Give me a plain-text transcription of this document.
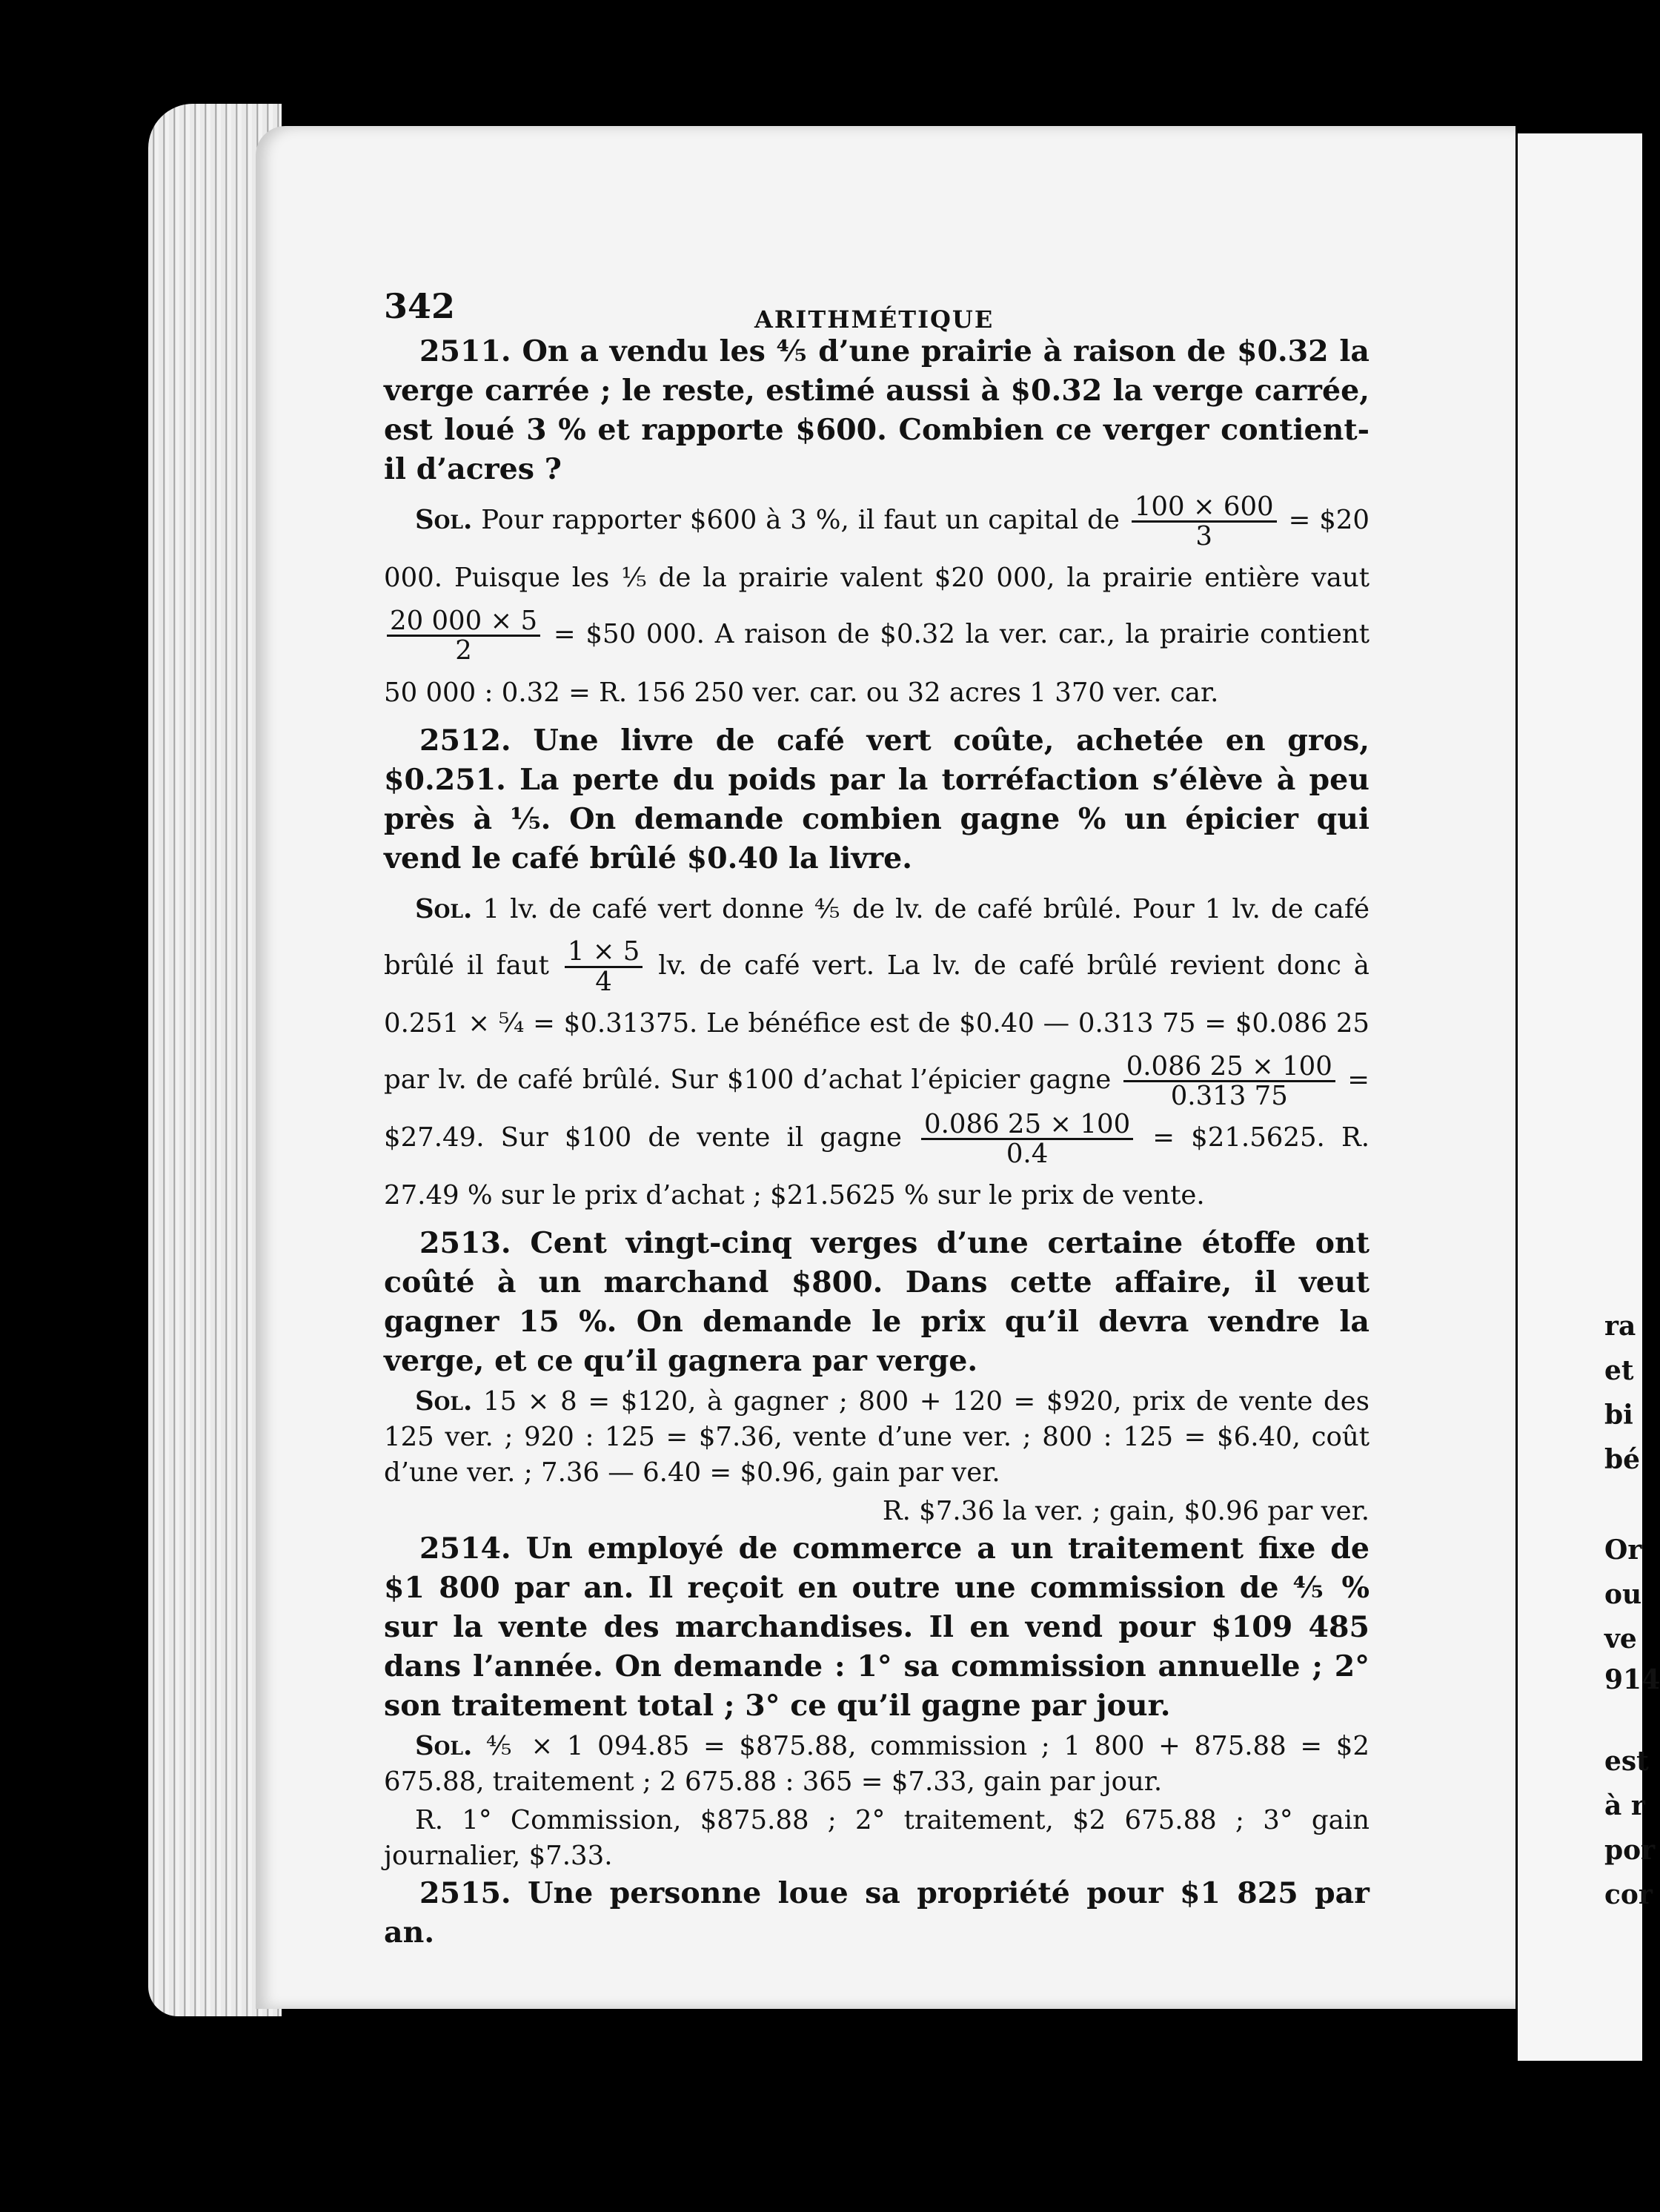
ra
et
bi
bé
Or
ou
ve
914
est
à r
por
cor
342	ARITHMÉTIQUE

2511. On a vendu les ⅘ d’une prairie à raison de $0.32 la verge carrée ; le reste, estimé aussi à $0.32 la verge carrée, est loué 3 % et rapporte $600. Combien ce verger contient-il d’acres ?

Sol. Pour rapporter $600 à 3 %, il faut un capital de $\frac{100 \times 600}{3}$ = $20 000. Puisque les ⅕ de la prairie valent $20 000, la prairie entière vaut
$\frac{20 000 \times 5}{2}$ = $50 000. A raison de $0.32 la ver. car., la prairie contient 50 000 : 0.32 = R. 156 250 ver. car. ou 32 acres 1 370 ver. car.

2512. Une livre de café vert coûte, achetée en gros, $0.251. La perte du poids par la torréfaction s’élève à peu près à ⅕. On demande combien gagne % un épicier qui vend le café brûlé $0.40 la livre.

Sol. 1 lv. de café vert donne ⅘ de lv. de café brûlé. Pour 1 lv. de café brûlé il faut $\frac{1 \times 5}{4}$ lv. de café vert. La lv. de café brûlé revient donc à 0.251 × ⁵⁄₄ = $0.31375. Le bénéfice est de $0.40 — 0.313 75 = $0.086 25 par lv. de café brûlé. Sur $100 d’achat l’épicier gagne $\frac{0.086 25 \times 100}{0.313 75}$ = $27.49. Sur $100 de vente il gagne $\frac{0.086 25 \times 100}{0.4}$ = $21.5625. R. 27.49 % sur le prix d’achat ; $21.5625 % sur le prix de vente.

2513. Cent vingt-cinq verges d’une certaine étoffe ont coûté à un marchand $800. Dans cette affaire, il veut gagner 15 %. On demande le prix qu’il devra vendre la verge, et ce qu’il gagnera par verge.

Sol. 15 × 8 = $120, à gagner ; 800 + 120 = $920, prix de vente des 125 ver. ; 920 : 125 = $7.36, vente d’une ver. ; 800 : 125 = $6.40, coût d’une ver. ; 7.36 — 6.40 = $0.96, gain par ver.

R. $7.36 la ver. ; gain, $0.96 par ver.

2514. Un employé de commerce a un traitement fixe de $1 800 par an. Il reçoit en outre une commission de ⅘ % sur la vente des marchandises. Il en vend pour $109 485 dans l’année. On demande : 1° sa commission annuelle ; 2° son traitement total ; 3° ce qu’il gagne par jour.

Sol. ⅘ × 1 094.85 = $875.88, commission ; 1 800 + 875.88 = $2 675.88, traitement ; 2 675.88 : 365 = $7.33, gain par jour.

R. 1° Commission, $875.88 ; 2° traitement, $2 675.88 ; 3° gain journalier, $7.33.

2515. Une personne loue sa propriété pour $1 825 par an.
